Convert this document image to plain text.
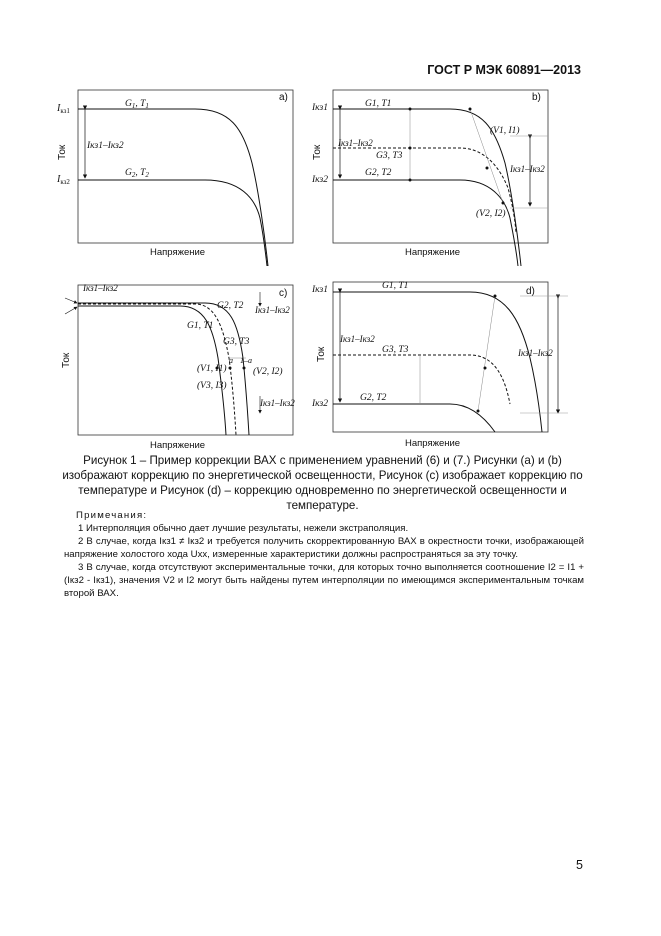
ГОСТ Р МЭК 60891—2013
a)
Ток
Напряжение
$I_{кз1}$
$I_{кз2}$
Iкз1–Iкз2
$G_1$, $T_1$
$G_2$, $T_2$
b)
Ток
Напряжение
Iкз1
Iкз2
Iкз1–Iкз2
Iкз1–Iкз2
G1, T1
G2, T2
G3, T3
(V1, I1)
(V2, I2)
c)
Ток
Напряжение
Iкз1–Iкз2
Iкз1–Iкз2
Iкз1–Iкз2
G2, T2
G1, T1
G3, T3
(V1, I1)	(V2, I2)
(V3, I3)
a 1–a
d)
Ток
Напряжение
Iкз1
Iкз2
Iкз1–Iкз2
Iкз1–Iкз2
G1, T1
G3, T3
G2, T2
Рисунок 1 – Пример коррекции ВАХ с применением уравнений (6) и (7.) Рисунки (а) и (b) изображают коррекцию по энергетической освещенности, Рисунок (с) изображает коррекцию по температуре и Рисунок (d) – коррекцию одновременно по энергетической освещенности и температуре.

Примечания:

1 Интерполяция обычно дает лучшие результаты, нежели экстраполяция.

2 В случае, когда Iкз1 ≠ Iкз2 и требуется получить скорректированную ВАХ в окрестности точки, изображающей напряжение холостого хода Uхх, измеренные характеристики должны распространяться за эту точку.

3 В случае, когда отсутствуют экспериментальные точки, для которых точно выполняется соотношение I2 = I1 + (Iкз2 - Iкз1), значения V2 и I2 могут быть найдены путем интерполяции по имеющимся экспериментальным точкам второй ВАХ.

5
